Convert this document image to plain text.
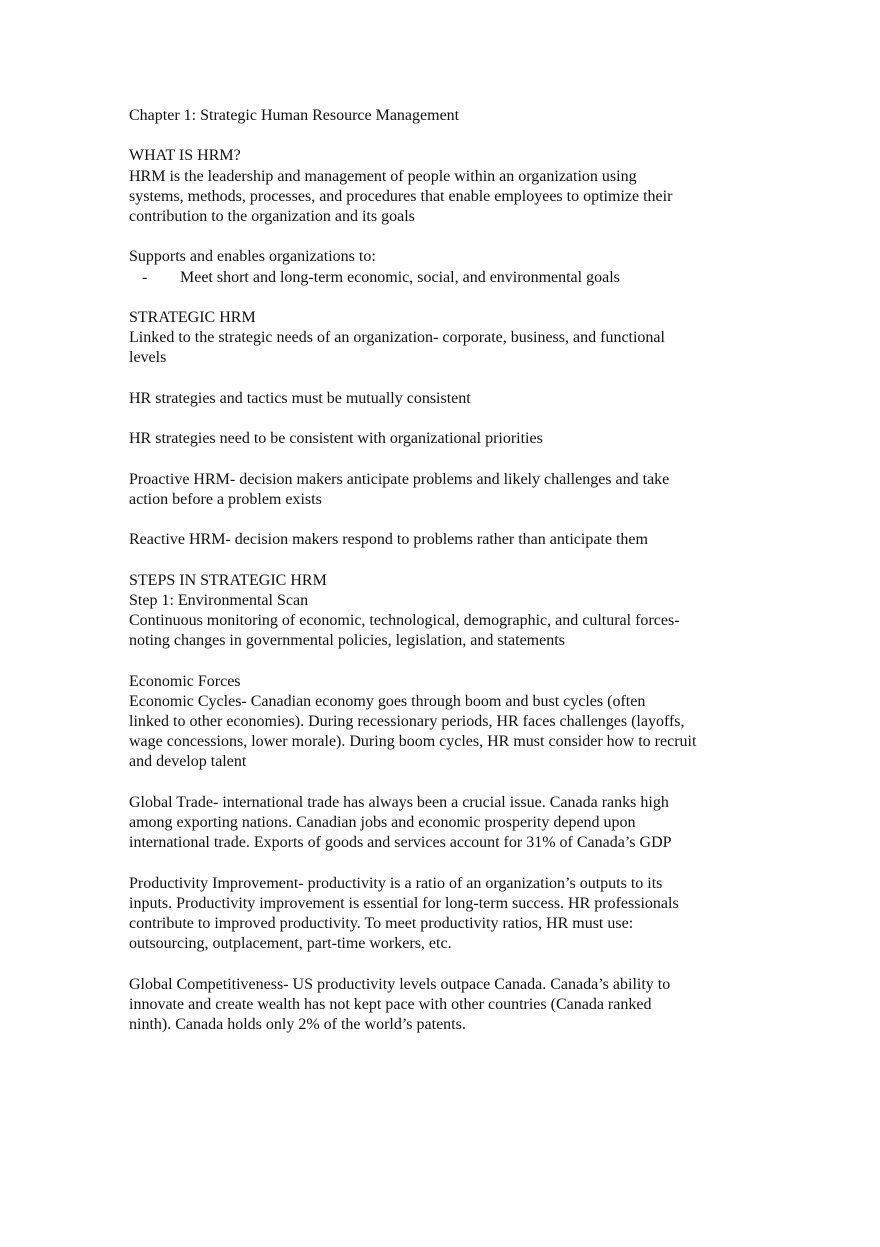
Chapter 1: Strategic Human Resource Management
WHAT IS HRM?
HRM is the leadership and management of people within an organization using
systems, methods, processes, and procedures that enable employees to optimize their
contribution to the organization and its goals
Supports and enables organizations to:
- Meet short and long-term economic, social, and environmental goals
STRATEGIC HRM
Linked to the strategic needs of an organization- corporate, business, and functional
levels
HR strategies and tactics must be mutually consistent
HR strategies need to be consistent with organizational priorities
Proactive HRM- decision makers anticipate problems and likely challenges and take
action before a problem exists
Reactive HRM- decision makers respond to problems rather than anticipate them
STEPS IN STRATEGIC HRM
Step 1: Environmental Scan
Continuous monitoring of economic, technological, demographic, and cultural forces-
noting changes in governmental policies, legislation, and statements
Economic Forces
Economic Cycles- Canadian economy goes through boom and bust cycles (often
linked to other economies). During recessionary periods, HR faces challenges (layoffs,
wage concessions, lower morale). During boom cycles, HR must consider how to recruit
and develop talent
Global Trade- international trade has always been a crucial issue. Canada ranks high
among exporting nations. Canadian jobs and economic prosperity depend upon
international trade. Exports of goods and services account for 31% of Canada’s GDP
Productivity Improvement- productivity is a ratio of an organization’s outputs to its
inputs. Productivity improvement is essential for long-term success. HR professionals
contribute to improved productivity. To meet productivity ratios, HR must use:
outsourcing, outplacement, part-time workers, etc.
Global Competitiveness- US productivity levels outpace Canada. Canada’s ability to
innovate and create wealth has not kept pace with other countries (Canada ranked
ninth). Canada holds only 2% of the world’s patents.
